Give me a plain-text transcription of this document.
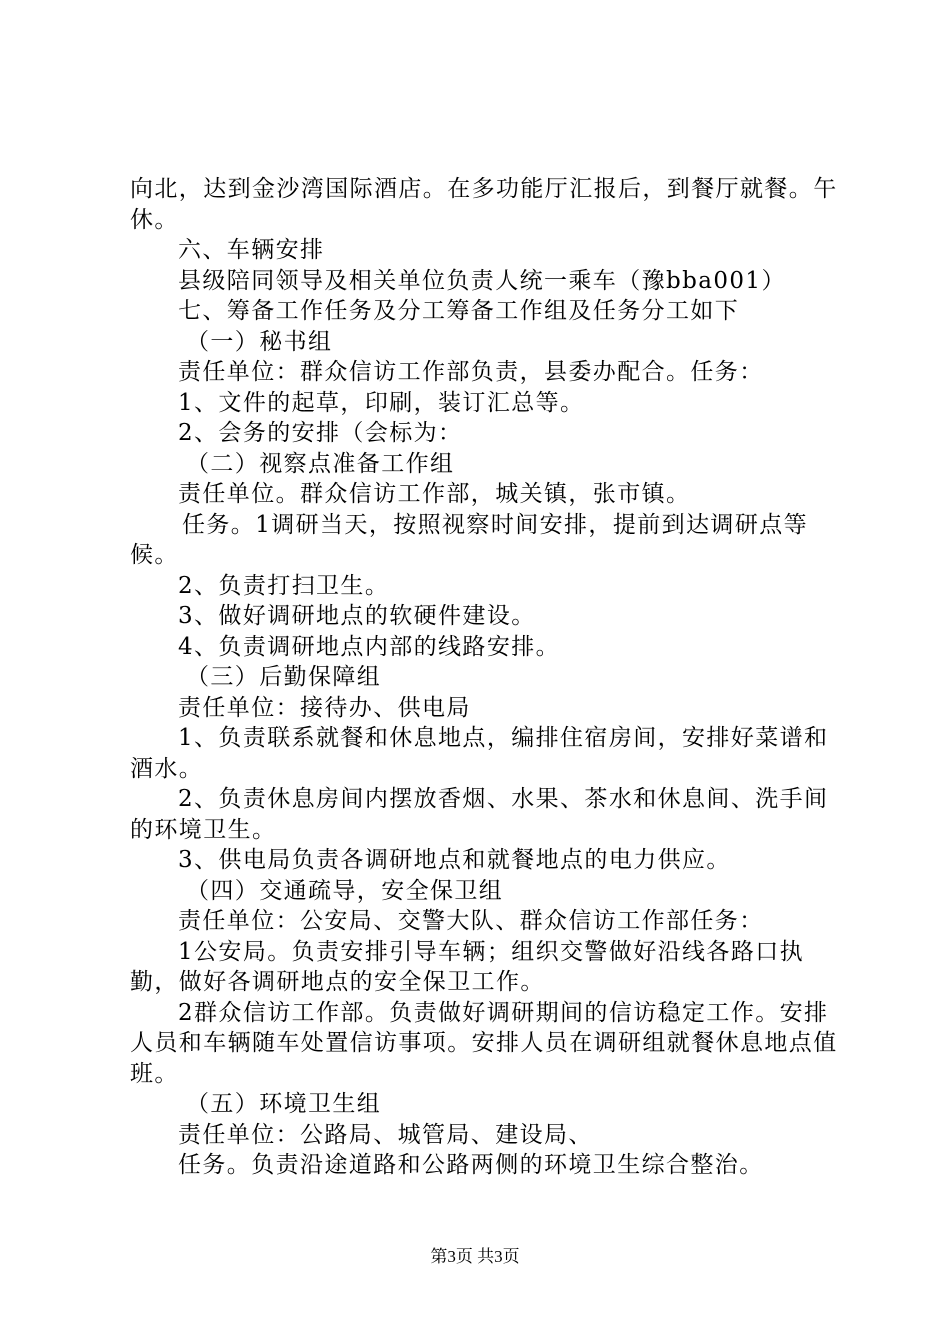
向北，达到金沙湾国际酒店。在多功能厅汇报后，到餐厅就餐。午休。

六、车辆安排

县级陪同领导及相关单位负责人统一乘车（豫bba001）

七、筹备工作任务及分工筹备工作组及任务分工如下

（一）秘书组

责任单位：群众信访工作部负责，县委办配合。任务：

1、文件的起草，印刷，装订汇总等。

2、会务的安排（会标为：

（二）视察点准备工作组

责任单位。群众信访工作部，城关镇，张市镇。

任务。1调研当天，按照视察时间安排，提前到达调研点等候。

2、负责打扫卫生。

3、做好调研地点的软硬件建设。

4、负责调研地点内部的线路安排。

（三）后勤保障组

责任单位：接待办、供电局

1、负责联系就餐和休息地点，编排住宿房间，安排好菜谱和酒水。

2、负责休息房间内摆放香烟、水果、茶水和休息间、洗手间的环境卫生。

3、供电局负责各调研地点和就餐地点的电力供应。

（四）交通疏导，安全保卫组

责任单位：公安局、交警大队、群众信访工作部任务：

1公安局。负责安排引导车辆；组织交警做好沿线各路口执勤，做好各调研地点的安全保卫工作。

2群众信访工作部。负责做好调研期间的信访稳定工作。安排人员和车辆随车处置信访事项。安排人员在调研组就餐休息地点值班。

（五）环境卫生组

责任单位：公路局、城管局、建设局、

任务。负责沿途道路和公路两侧的环境卫生综合整治。

第3页 共3页
